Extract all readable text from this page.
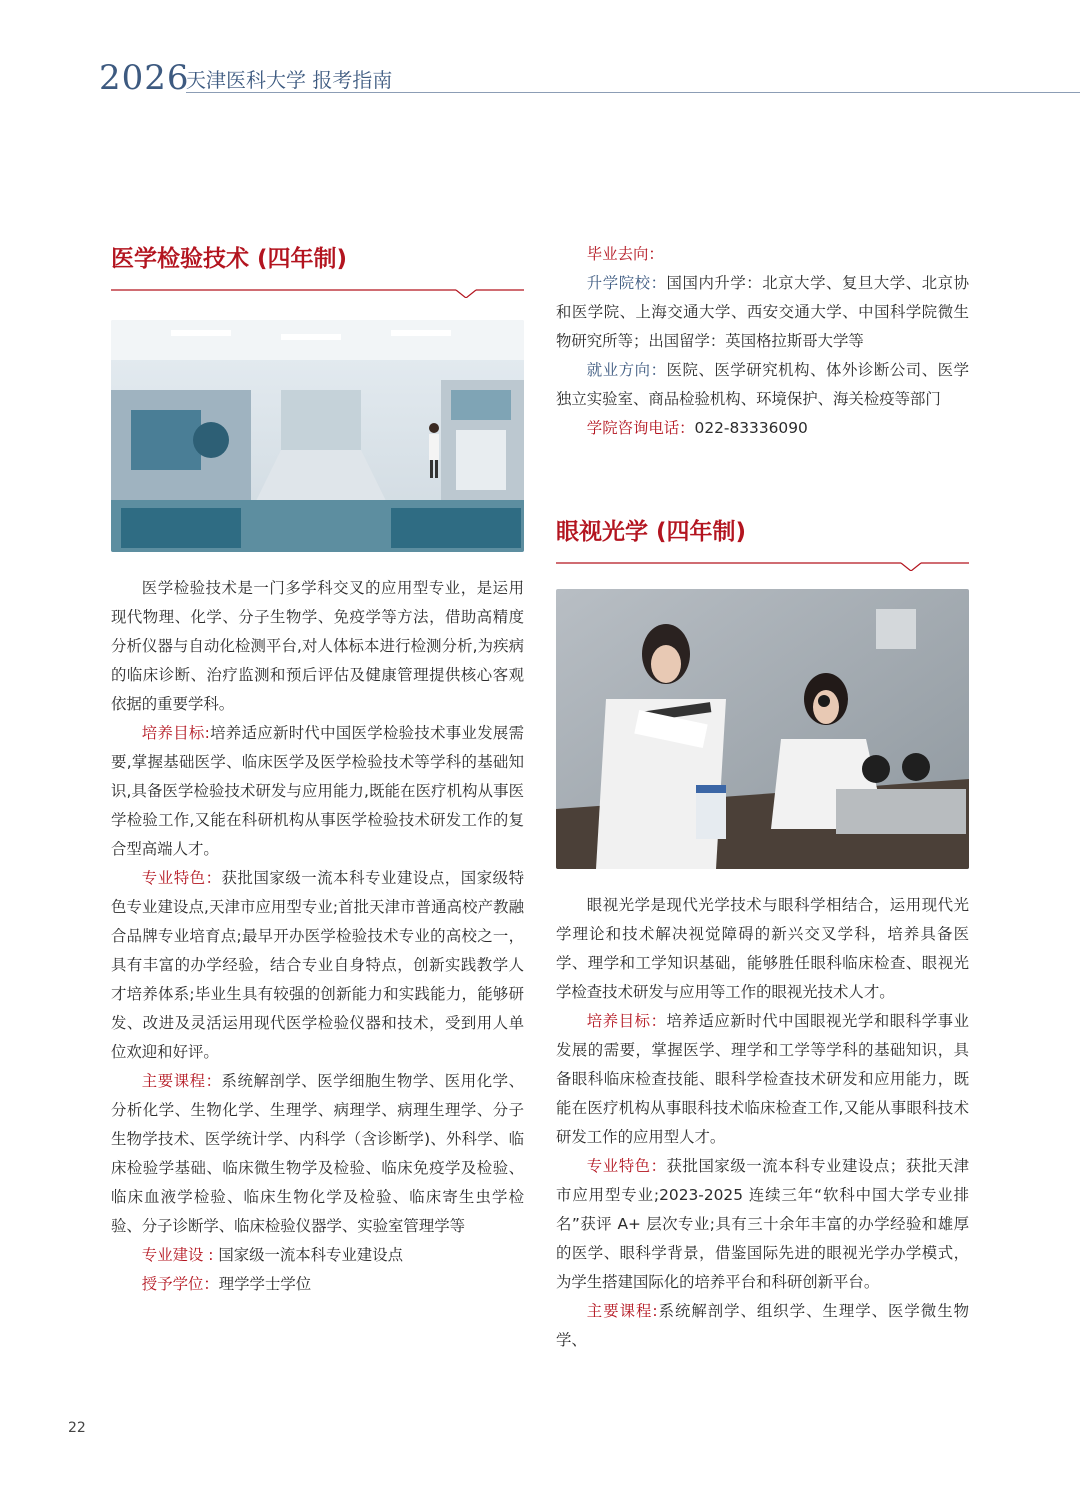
2026
天津医科大学 报考指南
医学检验技术 (四年制)

医学检验技术是一门多学科交叉的应用型专业，是运用现代物理、化学、分子生物学、免疫学等方法，借助高精度分析仪器与自动化检测平台,对人体标本进行检测分析,为疾病的临床诊断、治疗监测和预后评估及健康管理提供核心客观依据的重要学科。

培养目标:培养适应新时代中国医学检验技术事业发展需要,掌握基础医学、临床医学及医学检验技术等学科的基础知识,具备医学检验技术研发与应用能力,既能在医疗机构从事医学检验工作,又能在科研机构从事医学检验技术研发工作的复合型高端人才。

专业特色：获批国家级一流本科专业建设点，国家级特色专业建设点,天津市应用型专业;首批天津市普通高校产教融合品牌专业培育点;最早开办医学检验技术专业的高校之一，具有丰富的办学经验，结合专业自身特点，创新实践教学人才培养体系;毕业生具有较强的创新能力和实践能力，能够研发、改进及灵活运用现代医学检验仪器和技术，受到用人单位欢迎和好评。

主要课程：系统解剖学、医学细胞生物学、医用化学、分析化学、生物化学、生理学、病理学、病理生理学、分子生物学技术、医学统计学、内科学（含诊断学)、外科学、临床检验学基础、临床微生物学及检验、临床免疫学及检验、临床血液学检验、临床生物化学及检验、临床寄生虫学检验、分子诊断学、临床检验仪器学、实验室管理学等

专业建设 : 国家级一流本科专业建设点

授予学位：理学学士学位

毕业去向：

升学院校：国国内升学：北京大学、复旦大学、北京协和医学院、上海交通大学、西安交通大学、中国科学院微生物研究所等；出国留学：英国格拉斯哥大学等

就业方向：医院、医学研究机构、体外诊断公司、医学独立实验室、商品检验机构、环境保护、海关检疫等部门

学院咨询电话：022-83336090

眼视光学 (四年制)

眼视光学是现代光学技术与眼科学相结合，运用现代光学理论和技术解决视觉障碍的新兴交叉学科，培养具备医学、理学和工学知识基础，能够胜任眼科临床检查、眼视光学检查技术研发与应用等工作的眼视光技术人才。

培养目标：培养适应新时代中国眼视光学和眼科学事业发展的需要，掌握医学、理学和工学等学科的基础知识，具备眼科临床检查技能、眼科学检查技术研发和应用能力，既能在医疗机构从事眼科技术临床检查工作,又能从事眼科技术研发工作的应用型人才。

专业特色：获批国家级一流本科专业建设点；获批天津市应用型专业;2023-2025 连续三年“软科中国大学专业排名”获评 A+ 层次专业;具有三十余年丰富的办学经验和雄厚的医学、眼科学背景，借鉴国际先进的眼视光学办学模式，为学生搭建国际化的培养平台和科研创新平台。

主要课程:系统解剖学、组织学、生理学、医学微生物学、

22
